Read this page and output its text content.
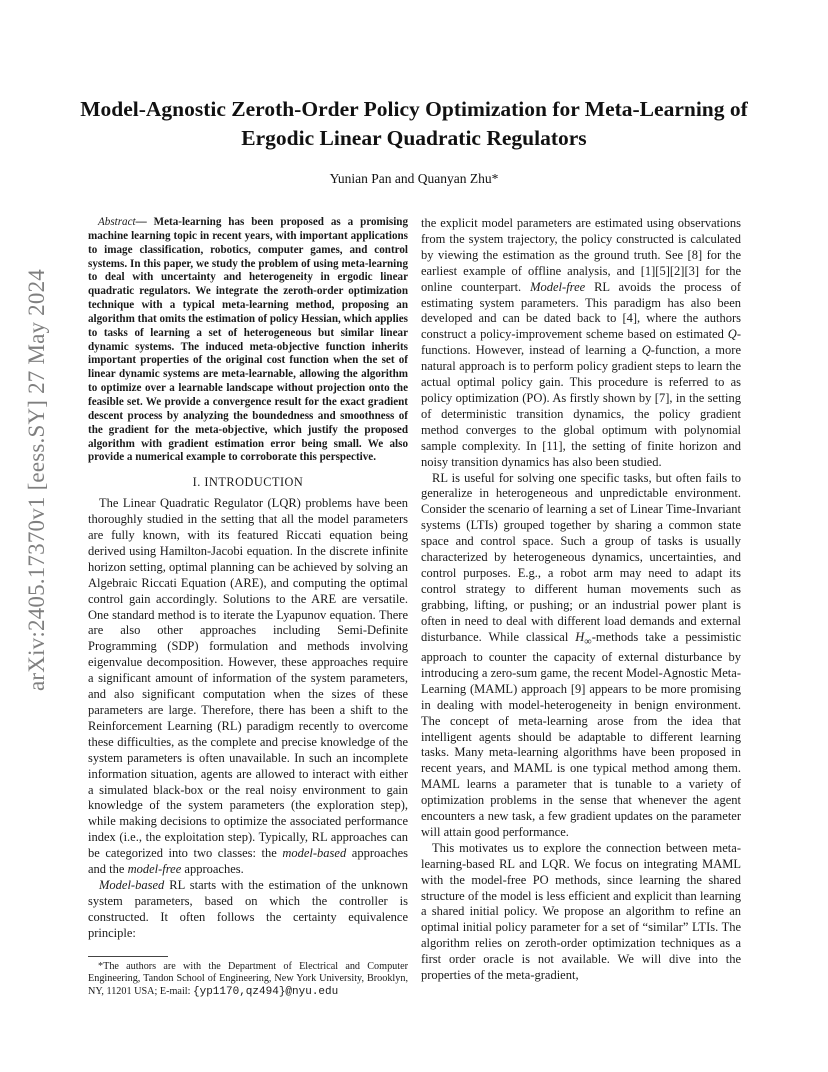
arXiv:2405.17370v1 [eess.SY] 27 May 2024
Model-Agnostic Zeroth-Order Policy Optimization for Meta-Learning of Ergodic Linear Quadratic Regulators
Yunian Pan and Quanyan Zhu*
Abstract— Meta-learning has been proposed as a promising machine learning topic in recent years, with important applications to image classification, robotics, computer games, and control systems. In this paper, we study the problem of using meta-learning to deal with uncertainty and heterogeneity in ergodic linear quadratic regulators. We integrate the zeroth-order optimization technique with a typical meta-learning method, proposing an algorithm that omits the estimation of policy Hessian, which applies to tasks of learning a set of heterogeneous but similar linear dynamic systems. The induced meta-objective function inherits important properties of the original cost function when the set of linear dynamic systems are meta-learnable, allowing the algorithm to optimize over a learnable landscape without projection onto the feasible set. We provide a convergence result for the exact gradient descent process by analyzing the boundedness and smoothness of the gradient for the meta-objective, which justify the proposed algorithm with gradient estimation error being small. We also provide a numerical example to corroborate this perspective.
I. INTRODUCTION

The Linear Quadratic Regulator (LQR) problems have been thoroughly studied in the setting that all the model parameters are fully known, with its featured Riccati equation being derived using Hamilton-Jacobi equation. In the discrete infinite horizon setting, optimal planning can be achieved by solving an Algebraic Riccati Equation (ARE), and computing the optimal control gain accordingly. Solutions to the ARE are versatile. One standard method is to iterate the Lyapunov equation. There are also other approaches including Semi-Definite Programming (SDP) formulation and methods involving eigenvalue decomposition. However, these approaches require a significant amount of information of the system parameters, and also significant computation when the sizes of these parameters are large. Therefore, there has been a shift to the Reinforcement Learning (RL) paradigm recently to overcome these difficulties, as the complete and precise knowledge of the system parameters is often unavailable. In such an incomplete information situation, agents are allowed to interact with either a simulated black-box or the real noisy environment to gain knowledge of the system parameters (the exploration step), while making decisions to optimize the associated performance index (i.e., the exploitation step). Typically, RL approaches can be categorized into two classes: the model-based approaches and the model-free approaches.

Model-based RL starts with the estimation of the unknown system parameters, based on which the controller is constructed. It often follows the certainty equivalence principle:

*The authors are with the Department of Electrical and Computer Engineering, Tandon School of Engineering, New York University, Brooklyn, NY, 11201 USA; E-mail: {yp1170,qz494}@nyu.edu

the explicit model parameters are estimated using observations from the system trajectory, the policy constructed is calculated by viewing the estimation as the ground truth. See [8] for the earliest example of offline analysis, and [1][5][2][3] for the online counterpart. Model-free RL avoids the process of estimating system parameters. This paradigm has also been developed and can be dated back to [4], where the authors construct a policy-improvement scheme based on estimated Q-functions. However, instead of learning a Q-function, a more natural approach is to perform policy gradient steps to learn the actual optimal policy gain. This procedure is referred to as policy optimization (PO). As firstly shown by [7], in the setting of deterministic transition dynamics, the policy gradient method converges to the global optimum with polynomial sample complexity. In [11], the setting of finite horizon and noisy transition dynamics has also been studied.

RL is useful for solving one specific tasks, but often fails to generalize in heterogeneous and unpredictable environment. Consider the scenario of learning a set of Linear Time-Invariant systems (LTIs) grouped together by sharing a common state space and control space. Such a group of tasks is usually characterized by heterogeneous dynamics, uncertainties, and control purposes. E.g., a robot arm may need to adapt its control strategy to different human movements such as grabbing, lifting, or pushing; or an industrial power plant is often in need to deal with different load demands and external disturbance. While classical $H_\infty$-methods take a pessimistic approach to counter the capacity of external disturbance by introducing a zero-sum game, the recent Model-Agnostic Meta-Learning (MAML) approach [9] appears to be more promising in dealing with model-heterogeneity in benign environment. The concept of meta-learning arose from the idea that intelligent agents should be adaptable to different learning tasks. Many meta-learning algorithms have been proposed in recent years, and MAML is one typical method among them. MAML learns a parameter that is tunable to a variety of optimization problems in the sense that whenever the agent encounters a new task, a few gradient updates on the parameter will attain good performance.

This motivates us to explore the connection between meta-learning-based RL and LQR. We focus on integrating MAML with the model-free PO methods, since learning the shared structure of the model is less efficient and explicit than learning a shared initial policy. We propose an algorithm to refine an optimal initial policy parameter for a set of “similar” LTIs. The algorithm relies on zeroth-order optimization techniques as a first order oracle is not available. We will dive into the properties of the meta-gradient,
